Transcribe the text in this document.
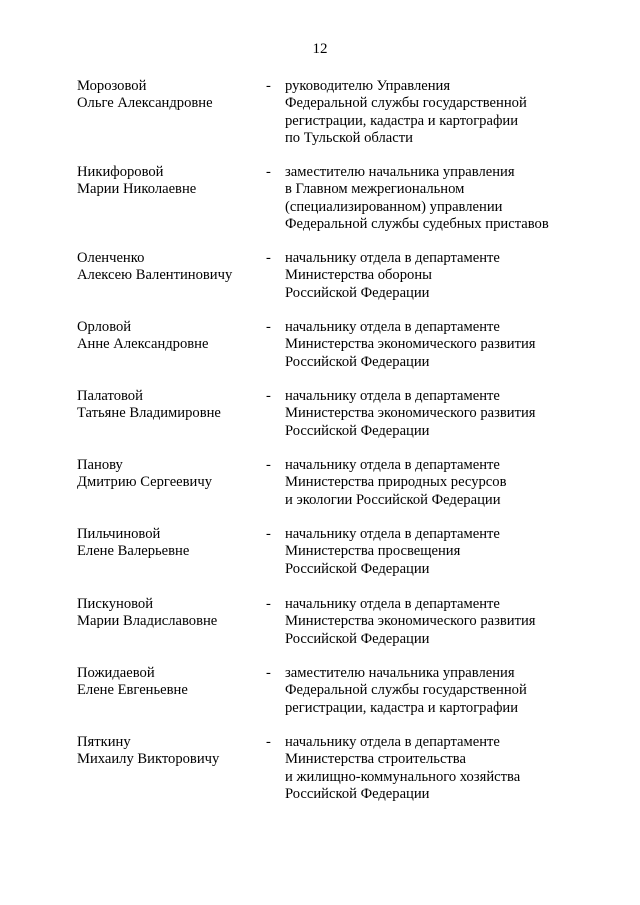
12
Морозовой
Ольге Александровне
- руководителю Управления
Федеральной службы государственной
регистрации, кадастра и картографии
по Тульской области
Никифоровой
Марии Николаевне
- заместителю начальника управления
в Главном межрегиональном
(специализированном) управлении
Федеральной службы судебных приставов
Оленченко
Алексею Валентиновичу
- начальнику отдела в департаменте
Министерства обороны
Российской Федерации
Орловой
Анне Александровне
- начальнику отдела в департаменте
Министерства экономического развития
Российской Федерации
Палатовой
Татьяне Владимировне
- начальнику отдела в департаменте
Министерства экономического развития
Российской Федерации
Панову
Дмитрию Сергеевичу
- начальнику отдела в департаменте
Министерства природных ресурсов
и экологии Российской Федерации
Пильчиновой
Елене Валерьевне
- начальнику отдела в департаменте
Министерства просвещения
Российской Федерации
Пискуновой
Марии Владиславовне
- начальнику отдела в департаменте
Министерства экономического развития
Российской Федерации
Пожидаевой
Елене Евгеньевне
- заместителю начальника управления
Федеральной службы государственной
регистрации, кадастра и картографии
Пяткину
Михаилу Викторовичу
- начальнику отдела в департаменте
Министерства строительства
и жилищно-коммунального хозяйства
Российской Федерации
